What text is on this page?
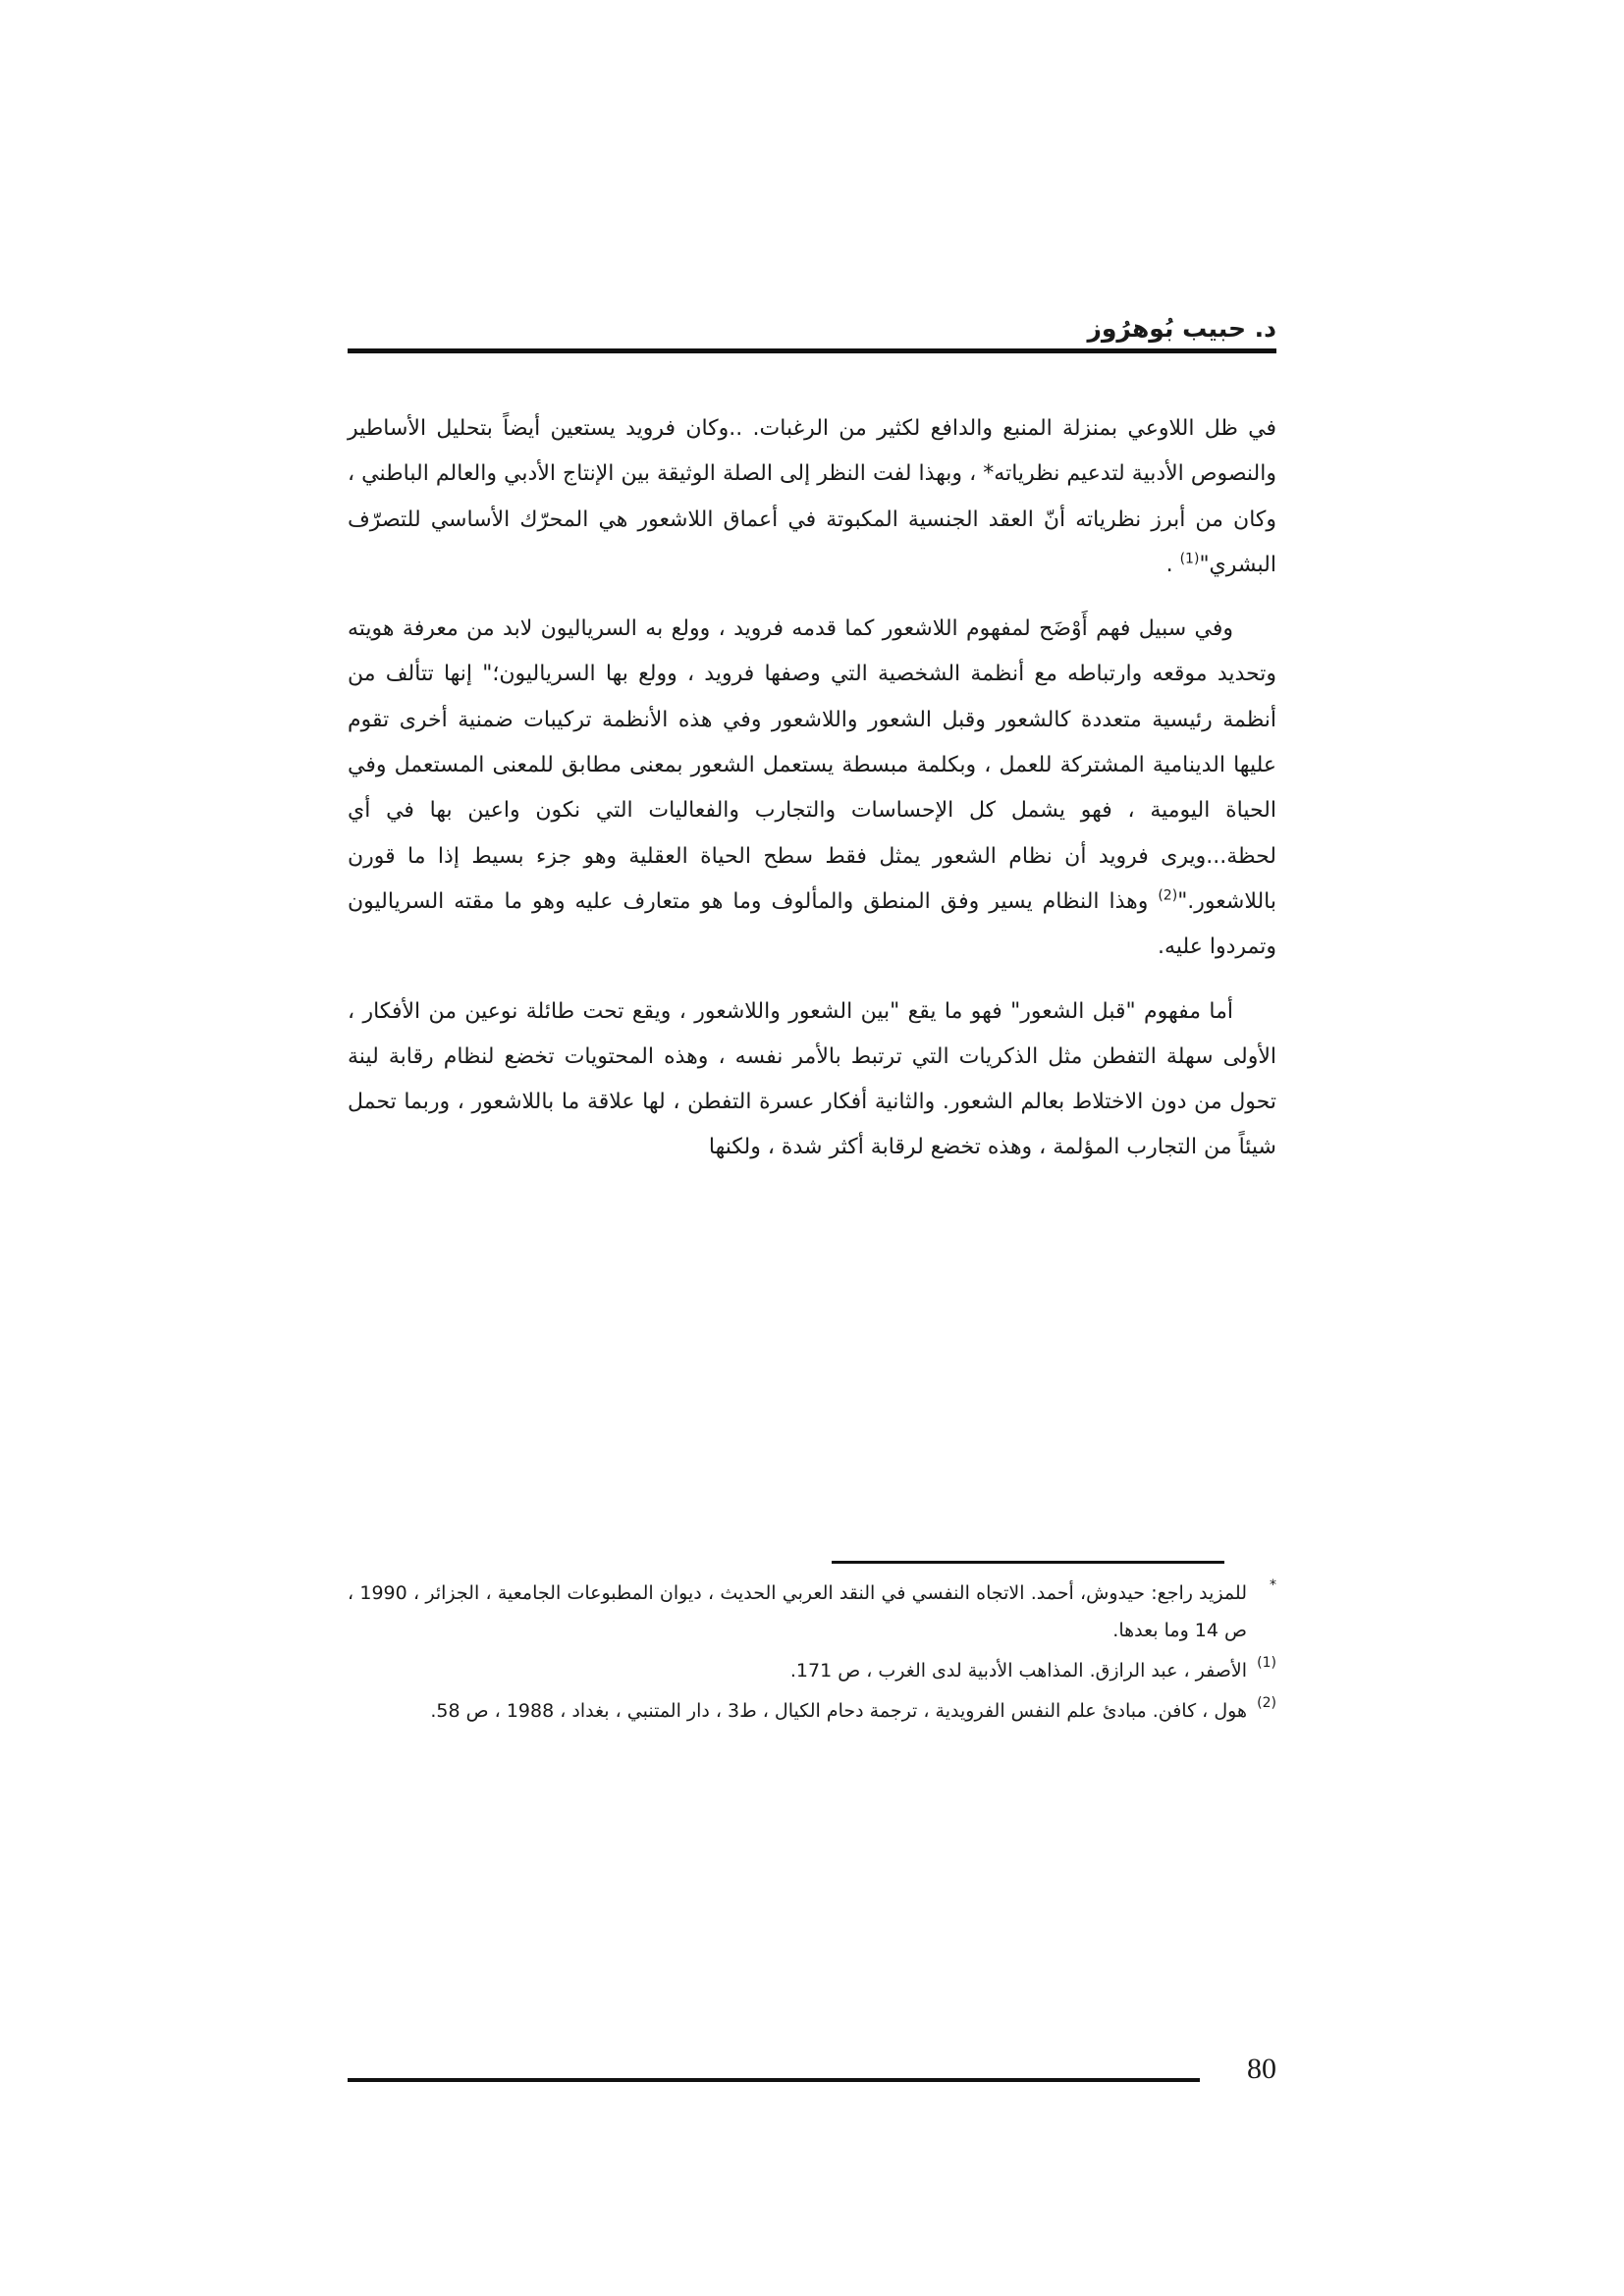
د. حبيب بُوهرُوز

في ظل اللاوعي بمنزلة المنبع والدافع لكثير من الرغبات. ..وكان فرويد يستعين أيضاً بتحليل الأساطير والنصوص الأدبية لتدعيم نظرياته* ، وبهذا لفت النظر إلى الصلة الوثيقة بين الإنتاج الأدبي والعالم الباطني ، وكان من أبرز نظرياته أنّ العقد الجنسية المكبوتة في أعماق اللاشعور هي المحرّك الأساسي للتصرّف البشري"$^{(1)}$ .

وفي سبيل فهم أَوْضَح لمفهوم اللاشعور كما قدمه فرويد ، وولع به السرياليون لابد من معرفة هويته وتحديد موقعه وارتباطه مع أنظمة الشخصية التي وصفها فرويد ، وولع بها السرياليون؛" إنها تتألف من أنظمة رئيسية متعددة كالشعور وقبل الشعور واللاشعور وفي هذه الأنظمة تركيبات ضمنية أخرى تقوم عليها الدينامية المشتركة للعمل ، وبكلمة مبسطة يستعمل الشعور بمعنى مطابق للمعنى المستعمل وفي الحياة اليومية ، فهو يشمل كل الإحساسات والتجارب والفعاليات التي نكون واعين بها في أي لحظة...ويرى فرويد أن نظام الشعور يمثل فقط سطح الحياة العقلية وهو جزء بسيط إذا ما قورن باللاشعور."$^{(2)}$ وهذا النظام يسير وفق المنطق والمألوف وما هو متعارف عليه وهو ما مقته السرياليون وتمردوا عليه.

أما مفهوم "قبل الشعور" فهو ما يقع "بين الشعور واللاشعور ، ويقع تحت طائلة نوعين من الأفكار ، الأولى سهلة التفطن مثل الذكريات التي ترتبط بالأمر نفسه ، وهذه المحتويات تخضع لنظام رقابة لينة تحول من دون الاختلاط بعالم الشعور. والثانية أفكار عسرة التفطن ، لها علاقة ما باللاشعور ، وربما تحمل شيئاً من التجارب المؤلمة ، وهذه تخضع لرقابة أكثر شدة ، ولكنها

*للمزيد راجع: حيدوش، أحمد. الاتجاه النفسي في النقد العربي الحديث ، ديوان المطبوعات الجامعية ، الجزائر ، 1990 ، ص 14 وما بعدها.

(1)الأصفر ، عبد الرازق. المذاهب الأدبية لدى الغرب ، ص 171.

(2)هول ، كافن. مبادئ علم النفس الفرويدية ، ترجمة دحام الكيال ، ط3 ، دار المتنبي ، بغداد ، 1988 ، ص 58.

80
